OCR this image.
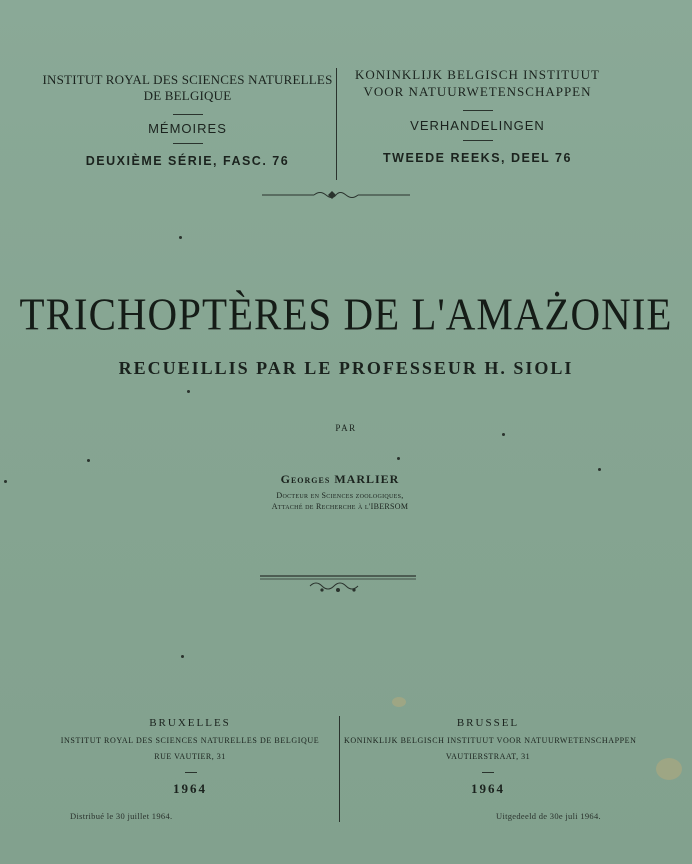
INSTITUT ROYAL DES SCIENCES NATURELLES
DE BELGIQUE
MÉMOIRES
DEUXIÈME SÉRIE, FASC. 76
KONINKLIJK BELGISCH INSTITUUT
VOOR NATUURWETENSCHAPPEN
VERHANDELINGEN
TWEEDE REEKS, DEEL 76
TRICHOPTÈRES DE L'AMAŻONIE
RECUEILLIS PAR LE PROFESSEUR H. SIOLI
PAR
Georges MARLIER
Docteur en Sciences zoologiques,
Attaché de Recherche à l'IBERSOM
BRUXELLES
INSTITUT ROYAL DES SCIENCES NATURELLES DE BELGIQUE
RUE VAUTIER, 31
1964
Distribué le 30 juillet 1964.
BRUSSEL
KONINKLIJK BELGISCH INSTITUUT VOOR NATUURWETENSCHAPPEN
VAUTIERSTRAAT, 31
1964
Uitgedeeld de 30e juli 1964.
